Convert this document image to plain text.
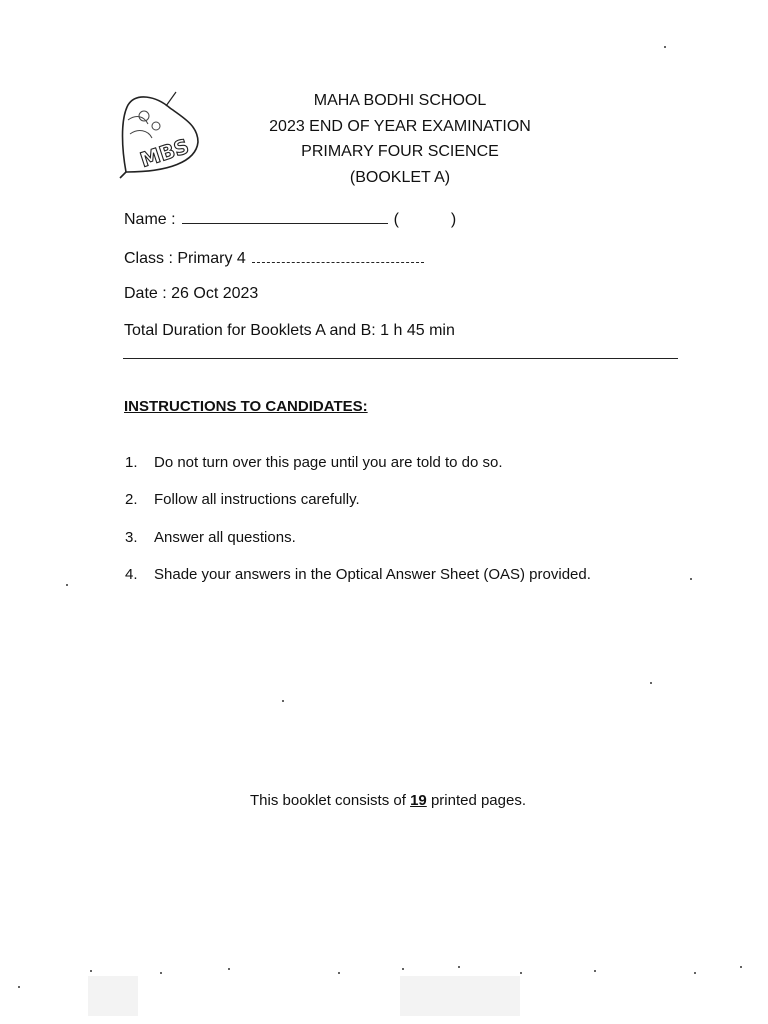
MBS
MAHA BODHI SCHOOL
2023 END OF YEAR EXAMINATION
PRIMARY FOUR SCIENCE
(BOOKLET A)
Name :	(	)
Class : Primary 4
Date : 26 Oct 2023
Total Duration for Booklets A and B: 1 h 45 min
INSTRUCTIONS TO CANDIDATES:
1. Do not turn over this page until you are told to do so.
2. Follow all instructions carefully.
3. Answer all questions.
4. Shade your answers in the Optical Answer Sheet (OAS) provided.
This booklet consists of 19 printed pages.
